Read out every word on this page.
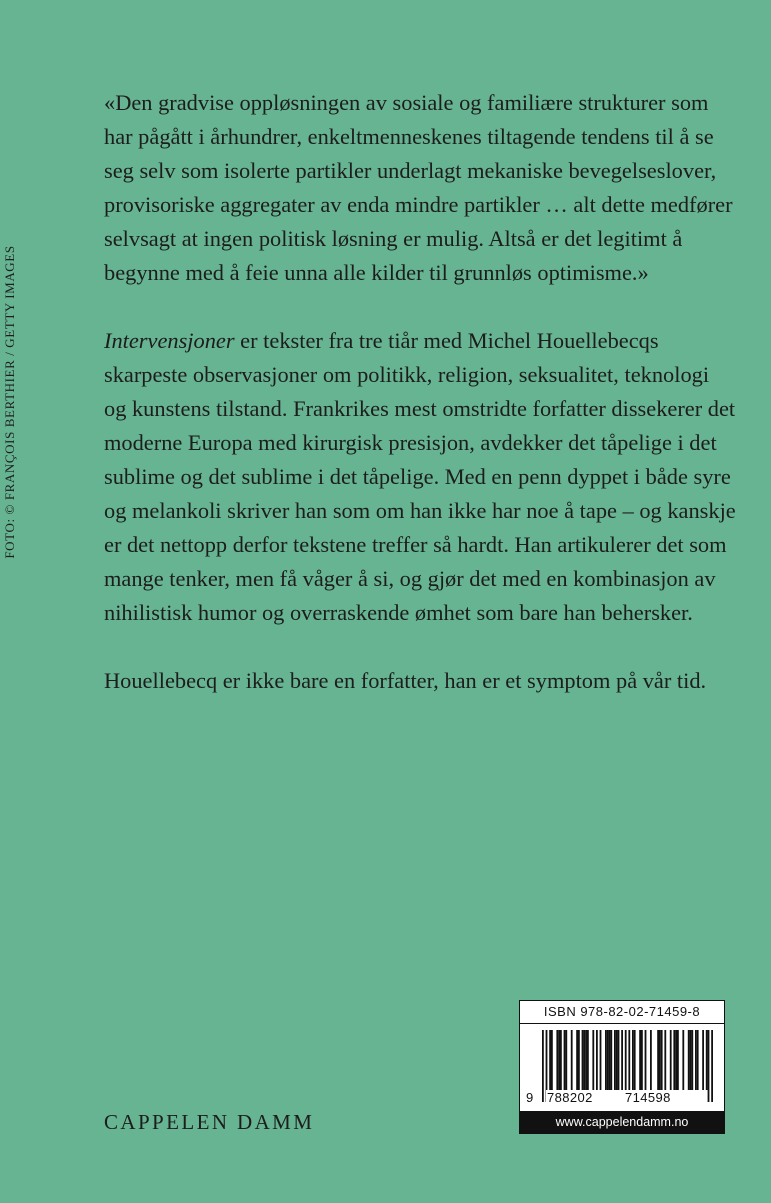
FOTO: © FRANÇOIS BERTHIER / GETTY IMAGES

«Den gradvise oppløsningen av sosiale og familiære strukturer som har pågått i århundrer, enkeltmenneskenes tiltagende tendens til å se seg selv som isolerte partikler underlagt mekaniske bevegelseslover, provisoriske aggregater av enda mindre partikler … alt dette medfører selvsagt at ingen politisk løsning er mulig. Altså er det legitimt å begynne med å feie unna alle kilder til grunnløs optimisme.»

Intervensjoner er tekster fra tre tiår med Michel Houellebecqs skarpeste observasjoner om politikk, religion, seksualitet, teknologi og kunstens tilstand. Frankrikes mest omstridte forfatter dissekerer det moderne Europa med kirurgisk presisjon, avdekker det tåpelige i det sublime og det sublime i det tåpelige. Med en penn dyppet i både syre og melankoli skriver han som om han ikke har noe å tape – og kanskje er det nettopp derfor tekstene treffer så hardt. Han artikulerer det som mange tenker, men få våger å si, og gjør det med en kombinasjon av nihilistisk humor og overraskende ømhet som bare han behersker.

Houellebecq er ikke bare en forfatter, han er et symptom på vår tid.

CAPPELEN DAMM
ISBN 978-82-02-71459-8
9 788202 714598
www.cappelendamm.no
